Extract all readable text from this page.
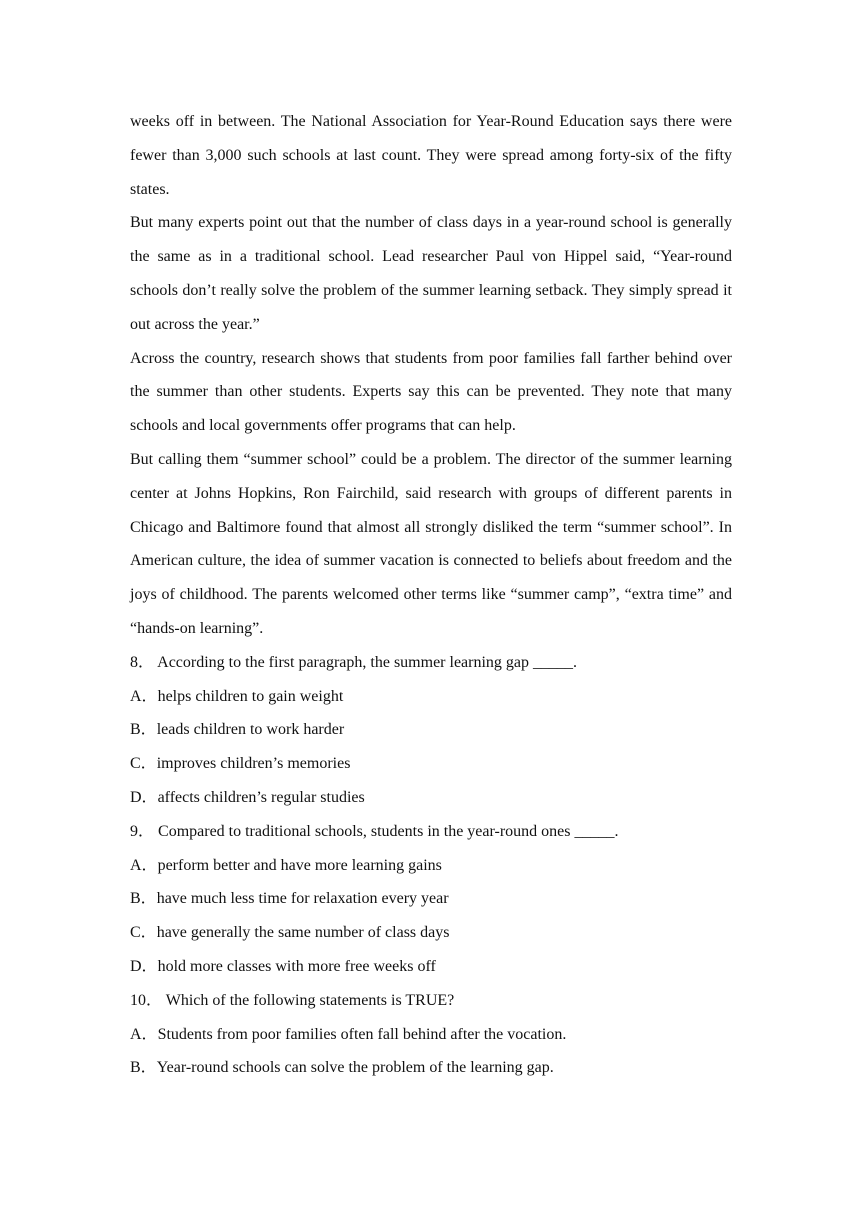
weeks off in between. The National Association for Year-Round Education says there were fewer than 3,000 such schools at last count. They were spread among forty-six of the fifty states.

But many experts point out that the number of class days in a year-round school is generally the same as in a traditional school. Lead researcher Paul von Hippel said, “Year-round schools don’t really solve the problem of the summer learning setback. They simply spread it out across the year.”

Across the country, research shows that students from poor families fall farther behind over the summer than other students. Experts say this can be prevented. They note that many schools and local governments offer programs that can help.

But calling them “summer school” could be a problem. The director of the summer learning center at Johns Hopkins, Ron Fairchild, said research with groups of different parents in Chicago and Baltimore found that almost all strongly disliked the term “summer school”. In American culture, the idea of summer vacation is connected to beliefs about freedom and the joys of childhood. The parents welcomed other terms like “summer camp”, “extra time” and “hands-on learning”.

8． According to the first paragraph, the summer learning gap _____.

A．helps children to gain weight

B．leads children to work harder

C．improves children’s memories

D．affects children’s regular studies

9． Compared to traditional schools, students in the year-round ones _____.

A．perform better and have more learning gains

B．have much less time for relaxation every year

C．have generally the same number of class days

D．hold more classes with more free weeks off

10． Which of the following statements is TRUE?

A．Students from poor families often fall behind after the vocation.

B．Year-round schools can solve the problem of the learning gap.
